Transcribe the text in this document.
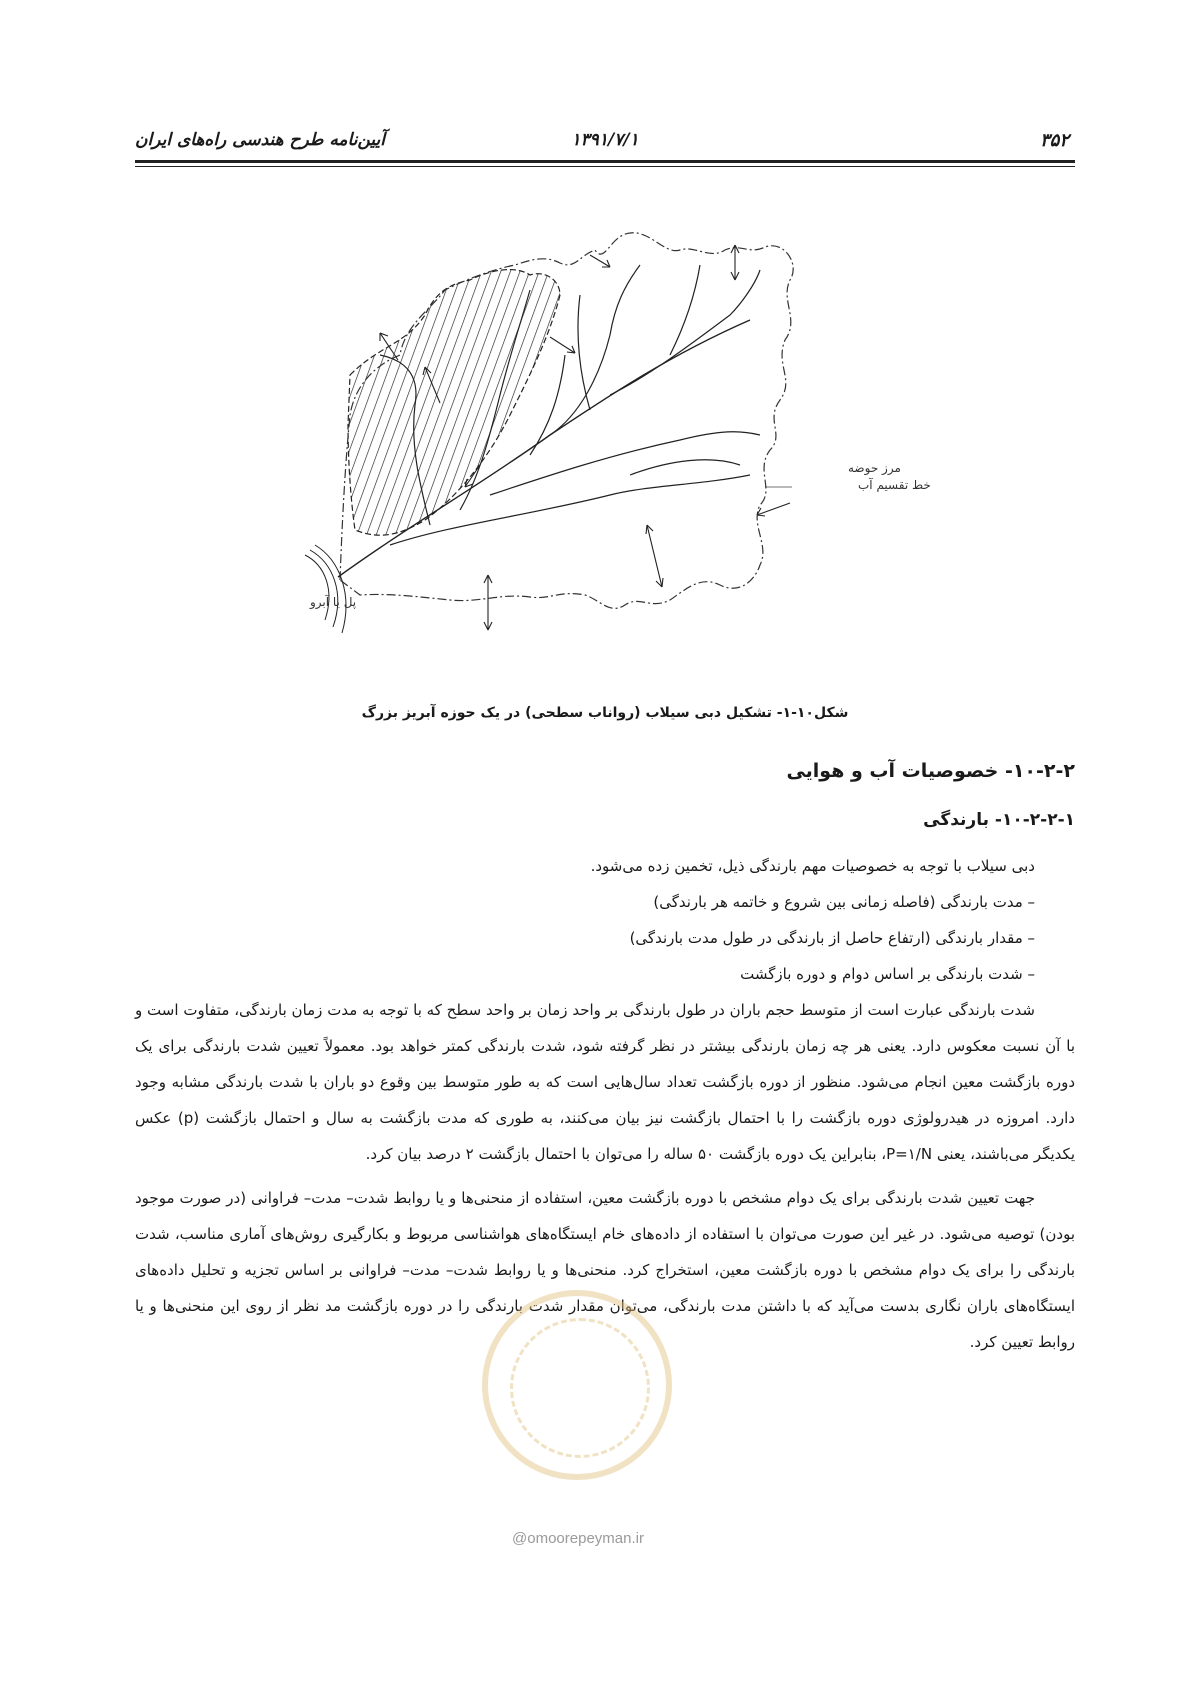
۳۵۲
۱۳۹۱/۷/۱
آیین‌نامه طرح هندسی راه‌های ایران
مرز حوضه
خط تقسیم آب
پل یا آبرو
شکل۱۰-۱- تشکیل دبی سیلاب (رواناب سطحی) در یک حوزه آبریز بزرگ
۱۰-۲-۲- خصوصیات آب و هوایی
۱۰-۲-۲-۱- بارندگی

دبی سیلاب با توجه به خصوصیات مهم بارندگی ذیل، تخمین زده می‌شود.

– مدت بارندگی (فاصله زمانی بین شروع و خاتمه هر بارندگی)

– مقدار بارندگی (ارتفاع حاصل از بارندگی در طول مدت بارندگی)

– شدت بارندگی بر اساس دوام و دوره بازگشت

شدت بارندگی عبارت است از متوسط حجم باران در طول بارندگی بر واحد زمان بر واحد سطح که با توجه به مدت زمان بارندگی، متفاوت است و با آن نسبت معکوس دارد. یعنی هر چه زمان بارندگی بیشتر در نظر گرفته شود، شدت بارندگی کمتر خواهد بود. معمولاً تعیین شدت بارندگی برای یک دوره بازگشت معین انجام می‌شود. منظور از دوره بازگشت تعداد سال‌هایی است که به طور متوسط بین وقوع دو باران با شدت بارندگی مشابه وجود دارد. امروزه در هیدرولوژی دوره بازگشت را با احتمال بازگشت نیز بیان می‌کنند، به طوری که مدت بازگشت به سال و احتمال بازگشت (p) عکس یکدیگر می‌باشند، یعنی P=۱/N، بنابراین یک دوره بازگشت ۵۰ ساله را می‌توان با احتمال بازگشت ۲ درصد بیان کرد.

جهت تعیین شدت بارندگی برای یک دوام مشخص با دوره بازگشت معین، استفاده از منحنی‌ها و یا روابط شدت– مدت– فراوانی (در صورت موجود بودن) توصیه می‌شود. در غیر این صورت می‌توان با استفاده از داده‌های خام ایستگاه‌های هواشناسی مربوط و بکارگیری روش‌های آماری مناسب، شدت بارندگی را برای یک دوام مشخص با دوره بازگشت معین، استخراج کرد. منحنی‌ها و یا روابط شدت– مدت– فراوانی بر اساس تجزیه و تحلیل داده‌های ایستگاه‌های باران نگاری بدست می‌آید که با داشتن مدت بارندگی، می‌توان مقدار شدت بارندگی را در دوره بازگشت مد نظر از روی این منحنی‌ها و یا روابط تعیین کرد.

@omoorepeyman.ir
